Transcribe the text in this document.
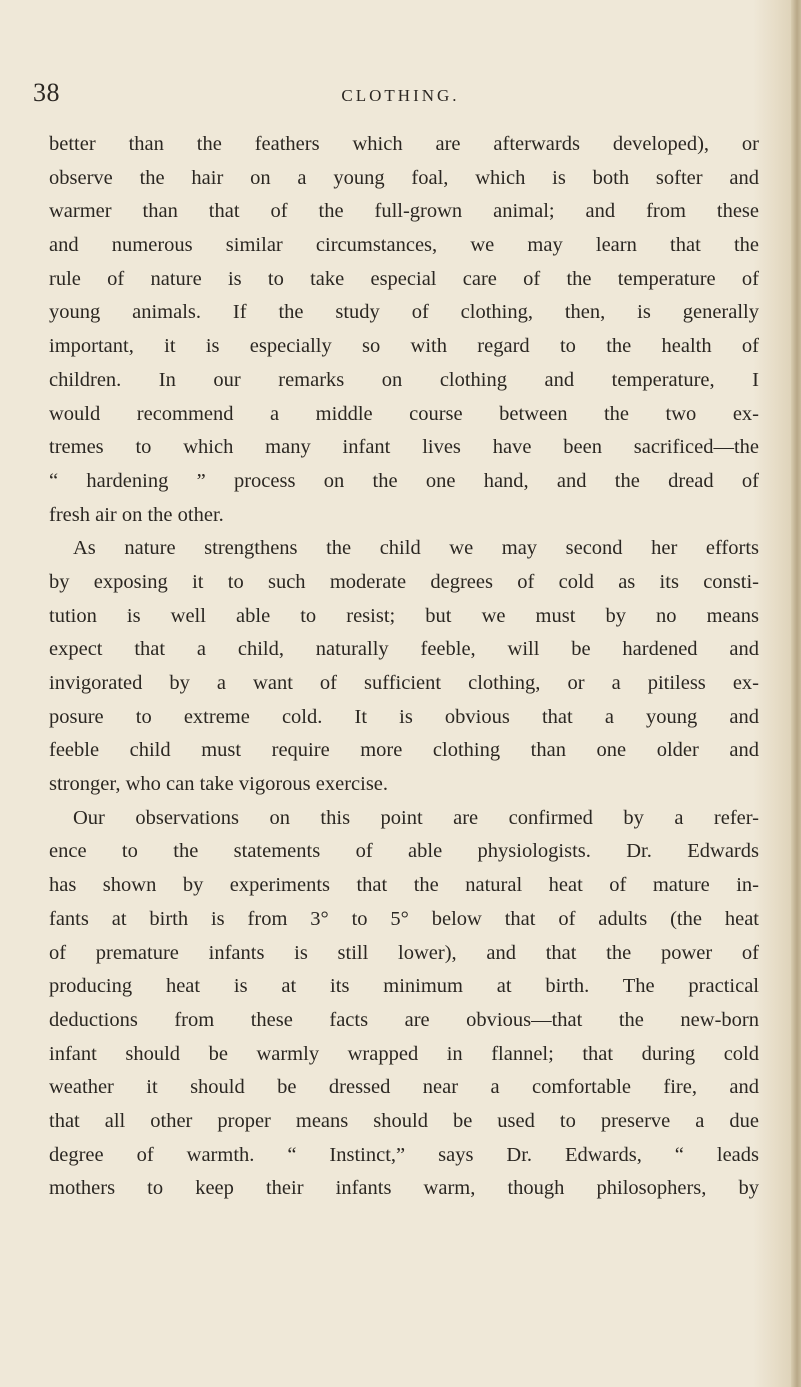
38	CLOTHING.
better than the feathers which are afterwards developed), or
observe the hair on a young foal, which is both softer and
warmer than that of the full-grown animal; and from these
and numerous similar circumstances, we may learn that the
rule of nature is to take especial care of the temperature of
young animals. If the study of clothing, then, is generally
important, it is especially so with regard to the health of
children. In our remarks on clothing and temperature, I
would recommend a middle course between the two ex-
tremes to which many infant lives have been sacrificed—the
“ hardening ” process on the one hand, and the dread of
fresh air on the other.
As nature strengthens the child we may second her efforts
by exposing it to such moderate degrees of cold as its consti-
tution is well able to resist; but we must by no means
expect that a child, naturally feeble, will be hardened and
invigorated by a want of sufficient clothing, or a pitiless ex-
posure to extreme cold. It is obvious that a young and
feeble child must require more clothing than one older and
stronger, who can take vigorous exercise.
Our observations on this point are confirmed by a refer-
ence to the statements of able physiologists. Dr. Edwards
has shown by experiments that the natural heat of mature in-
fants at birth is from 3° to 5° below that of adults (the heat
of premature infants is still lower), and that the power of
producing heat is at its minimum at birth. The practical
deductions from these facts are obvious—that the new-born
infant should be warmly wrapped in flannel; that during cold
weather it should be dressed near a comfortable fire, and
that all other proper means should be used to preserve a due
degree of warmth. “ Instinct,” says Dr. Edwards, “ leads
mothers to keep their infants warm, though philosophers, by
